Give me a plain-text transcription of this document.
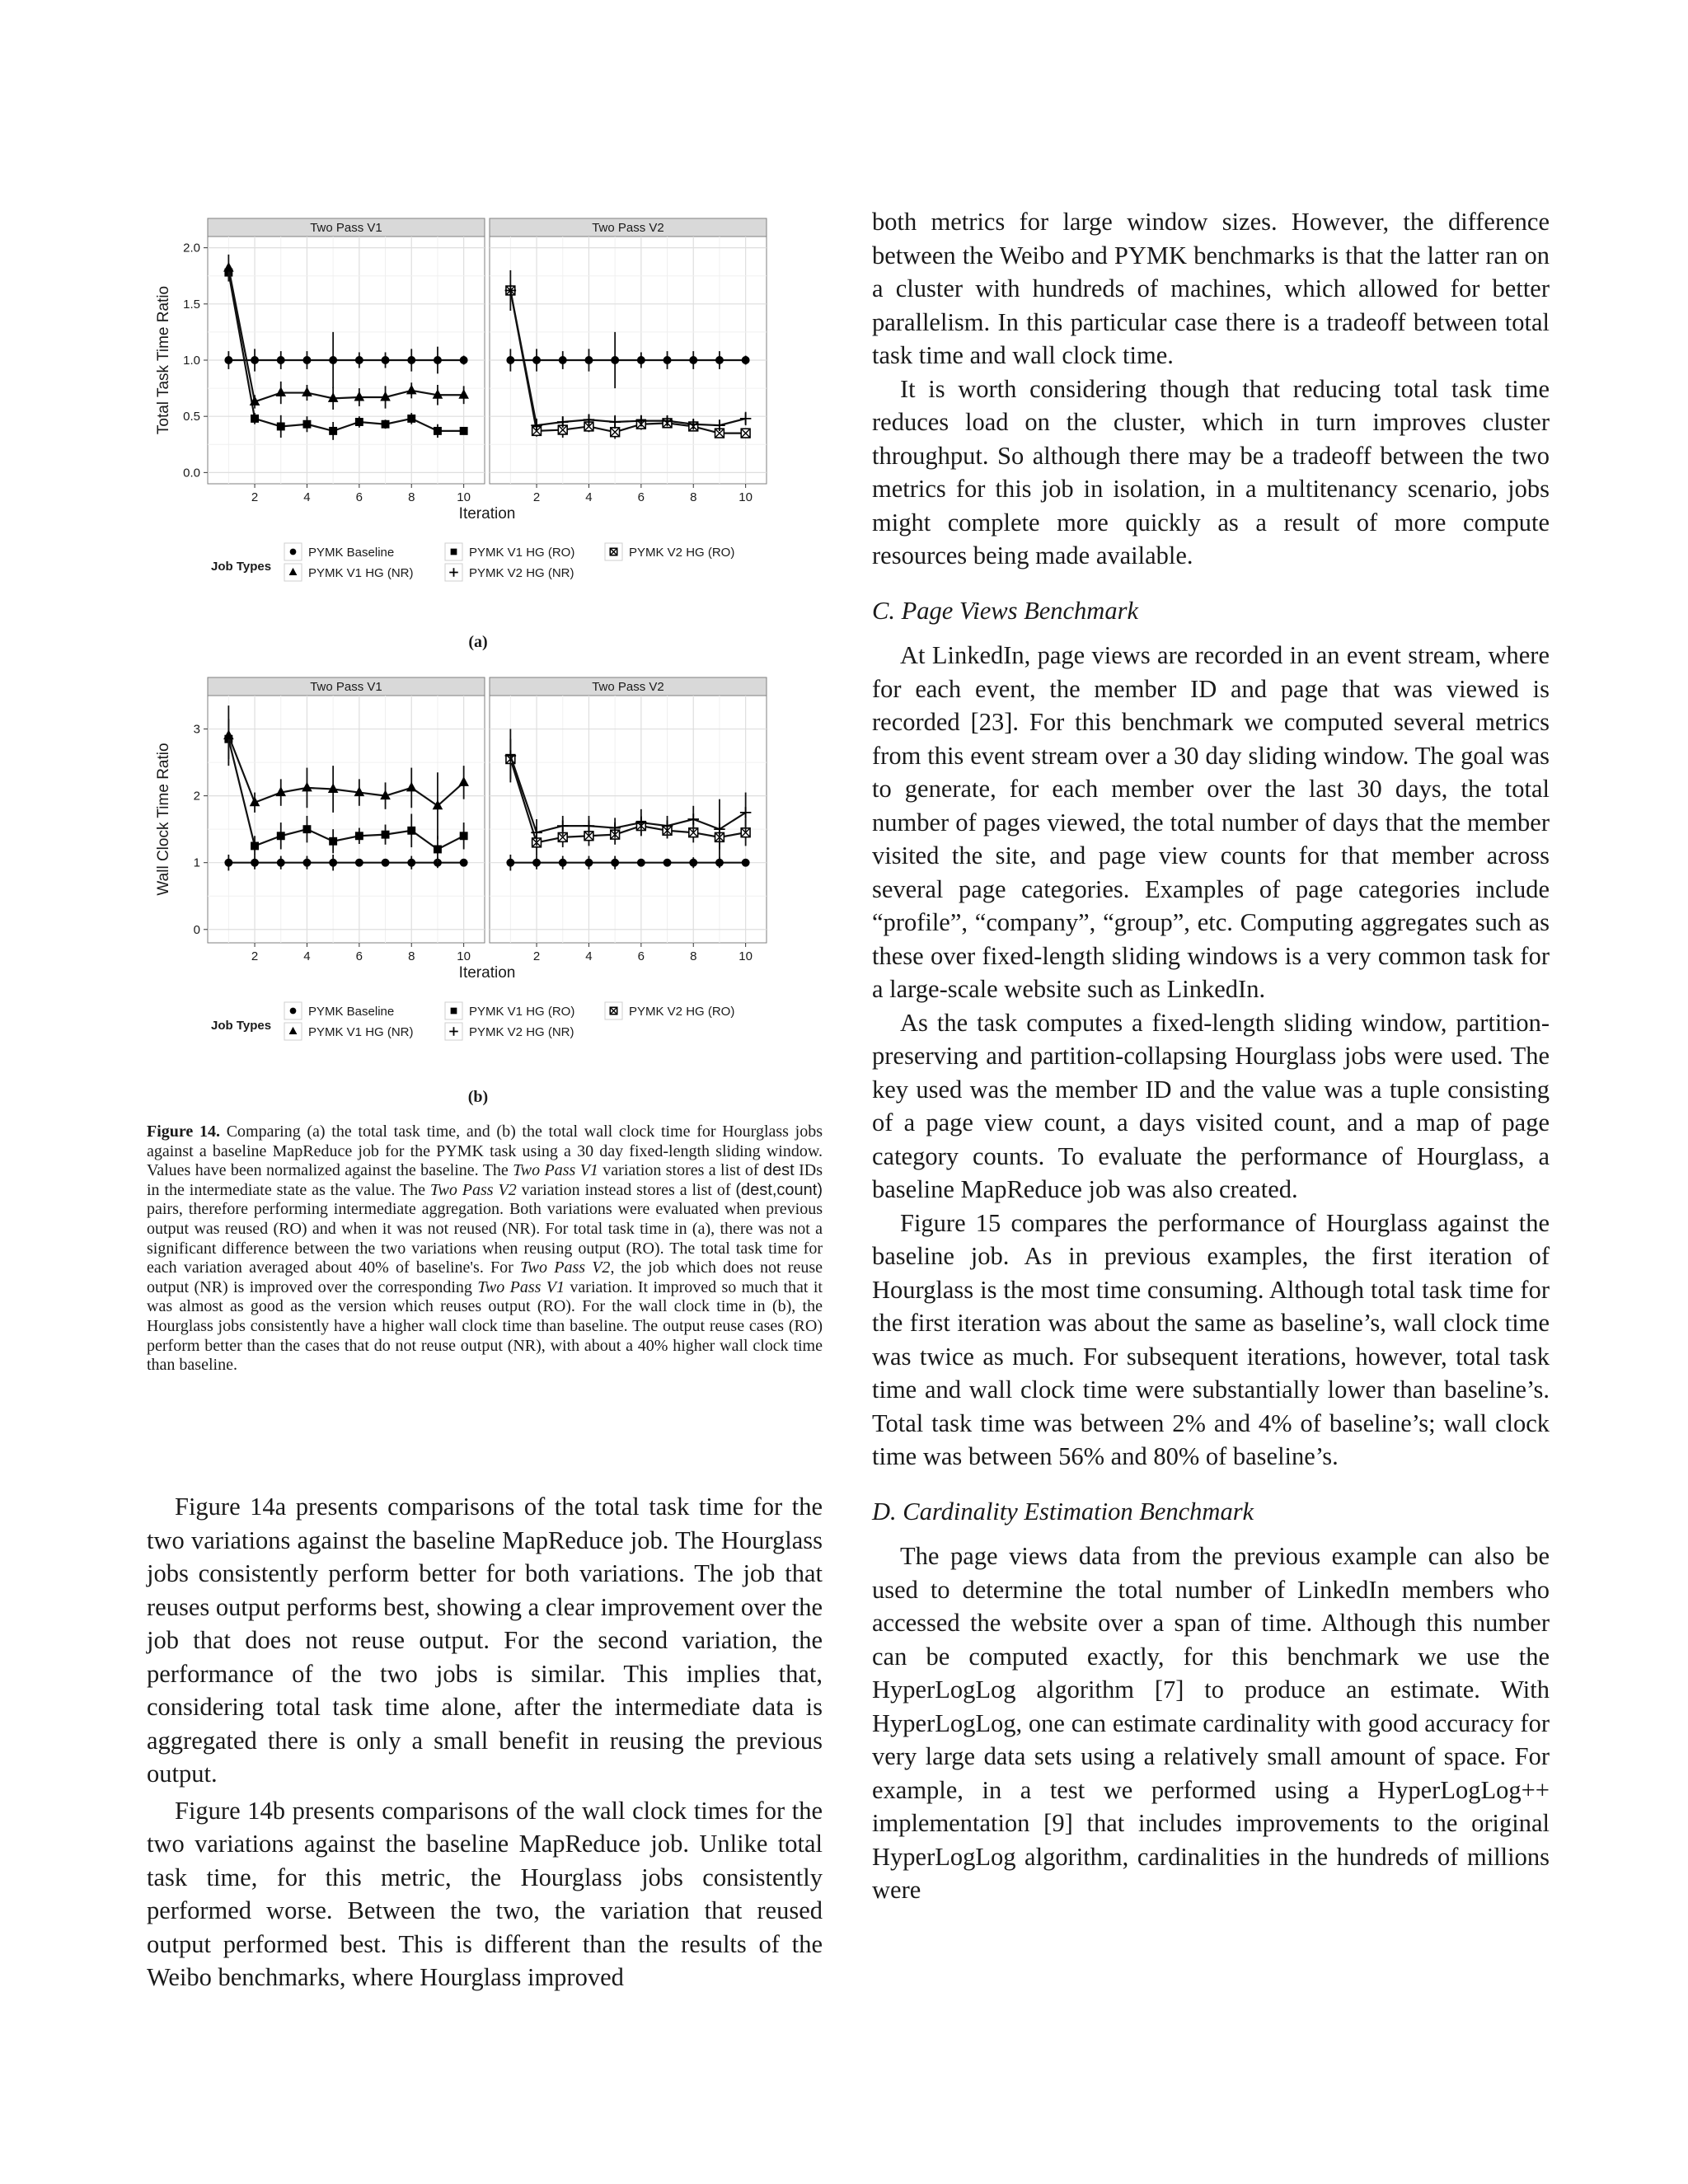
Two Pass V1
2	4	6	8	10
Two Pass V2
2	4	6	8	10
0.0
0.5
1.0
1.5
2.0
Total Task Time Ratio
Iteration
Job Types
PYMK Baseline	PYMK V1 HG (RO)	PYMK V2 HG (RO)
PYMK V1 HG (NR)	PYMK V2 HG (NR)
(a)
Two Pass V1
2	4	6	8	10
Two Pass V2
2	4	6	8	10
0
1
2
3
Wall Clock Time Ratio
Iteration
Job Types
PYMK Baseline	PYMK V1 HG (RO)	PYMK V2 HG (RO)
PYMK V1 HG (NR)	PYMK V2 HG (NR)
(b)
Figure 14. Comparing (a) the total task time, and (b) the total wall clock time for Hourglass jobs against a baseline MapReduce job for the PYMK task using a 30 day fixed-length sliding window. Values have been normalized against the baseline. The Two Pass V1 variation stores a list of dest IDs in the intermediate state as the value. The Two Pass V2 variation instead stores a list of (dest,count) pairs, therefore performing intermediate aggregation. Both variations were evaluated when previous output was reused (RO) and when it was not reused (NR). For total task time in (a), there was not a significant difference between the two variations when reusing output (RO). The total task time for each variation averaged about 40% of baseline's. For Two Pass V2, the job which does not reuse output (NR) is improved over the corresponding Two Pass V1 variation. It improved so much that it was almost as good as the version which reuses output (RO). For the wall clock time in (b), the Hourglass jobs consistently have a higher wall clock time than baseline. The output reuse cases (RO) perform better than the cases that do not reuse output (NR), with about a 40% higher wall clock time than baseline.

Figure 14a presents comparisons of the total task time for the two variations against the baseline MapReduce job. The Hourglass jobs consistently perform better for both variations. The job that reuses output performs best, showing a clear improvement over the job that does not reuse output. For the second variation, the performance of the two jobs is similar. This implies that, considering total task time alone, after the intermediate data is aggregated there is only a small benefit in reusing the previous output.

Figure 14b presents comparisons of the wall clock times for the two variations against the baseline MapReduce job. Unlike total task time, for this metric, the Hourglass jobs consistently performed worse. Between the two, the variation that reused output performed best. This is different than the results of the Weibo benchmarks, where Hourglass improved

both metrics for large window sizes. However, the difference between the Weibo and PYMK benchmarks is that the latter ran on a cluster with hundreds of machines, which allowed for better parallelism. In this particular case there is a tradeoff between total task time and wall clock time.

It is worth considering though that reducing total task time reduces load on the cluster, which in turn improves cluster throughput. So although there may be a tradeoff between the two metrics for this job in isolation, in a multitenancy scenario, jobs might complete more quickly as a result of more compute resources being made available.

C. Page Views Benchmark

At LinkedIn, page views are recorded in an event stream, where for each event, the member ID and page that was viewed is recorded [23]. For this benchmark we computed several metrics from this event stream over a 30 day sliding window. The goal was to generate, for each member over the last 30 days, the total number of pages viewed, the total number of days that the member visited the site, and page view counts for that member across several page categories. Examples of page categories include “profile”, “company”, “group”, etc. Computing aggregates such as these over fixed-length sliding windows is a very common task for a large-scale website such as LinkedIn.

As the task computes a fixed-length sliding window, partition-preserving and partition-collapsing Hourglass jobs were used. The key used was the member ID and the value was a tuple consisting of a page view count, a days visited count, and a map of page category counts. To evaluate the performance of Hourglass, a baseline MapReduce job was also created.

Figure 15 compares the performance of Hourglass against the baseline job. As in previous examples, the first iteration of Hourglass is the most time consuming. Although total task time for the first iteration was about the same as baseline’s, wall clock time was twice as much. For subsequent iterations, however, total task time and wall clock time were substantially lower than baseline’s. Total task time was between 2% and 4% of baseline’s; wall clock time was between 56% and 80% of baseline’s.

D. Cardinality Estimation Benchmark

The page views data from the previous example can also be used to determine the total number of LinkedIn members who accessed the website over a span of time. Although this number can be computed exactly, for this benchmark we use the HyperLogLog algorithm [7] to produce an estimate. With HyperLogLog, one can estimate cardinality with good accuracy for very large data sets using a relatively small amount of space. For example, in a test we performed using a HyperLogLog++ implementation [9] that includes improvements to the original HyperLogLog algorithm, cardinalities in the hundreds of millions were
